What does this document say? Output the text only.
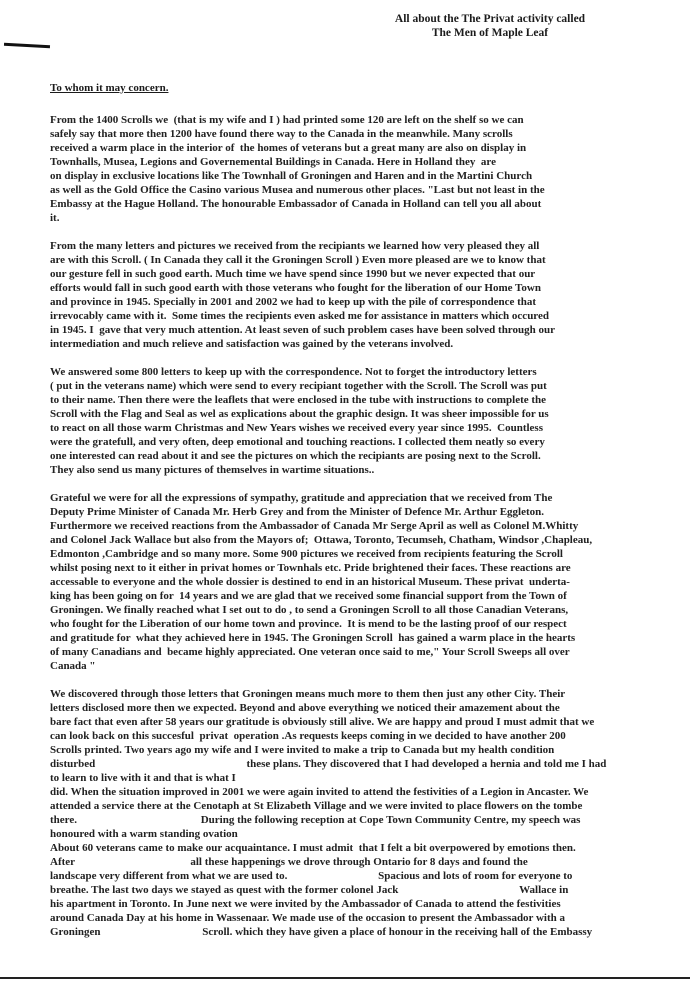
All about the The Privat activity called
The Men of Maple Leaf
To whom it may concern.
From the 1400 Scrolls we  (that is my wife and I ) had printed some 120 are left on the shelf so we can
safely say that more then 1200 have found there way to the Canada in the meanwhile. Many scrolls
received a warm place in the interior of  the homes of veterans but a great many are also on display in
Townhalls, Musea, Legions and Governemental Buildings in Canada. Here in Holland they  are
on display in exclusive locations like The Townhall of Groningen and Haren and in the Martini Church
as well as the Gold Office the Casino various Musea and numerous other places. "Last but not least in the
Embassy at the Hague Holland. The honourable Embassador of Canada in Holland can tell you all about
it.
From the many letters and pictures we received from the recipiants we learned how very pleased they all
are with this Scroll. ( In Canada they call it the Groningen Scroll ) Even more pleased are we to know that
our gesture fell in such good earth. Much time we have spend since 1990 but we never expected that our
efforts would fall in such good earth with those veterans who fought for the liberation of our Home Town
and province in 1945. Specially in 2001 and 2002 we had to keep up with the pile of correspondence that
irrevocably came with it.  Some times the recipients even asked me for assistance in matters which occured
in 1945. I  gave that very much attention. At least seven of such problem cases have been solved through our
intermediation and much relieve and satisfaction was gained by the veterans involved.
We answered some 800 letters to keep up with the correspondence. Not to forget the introductory letters
( put in the veterans name) which were send to every recipiant together with the Scroll. The Scroll was put
to their name. Then there were the leaflets that were enclosed in the tube with instructions to complete the
Scroll with the Flag and Seal as wel as explications about the graphic design. It was sheer impossible for us
to react on all those warm Christmas and New Years wishes we received every year since 1995.  Countless
were the gratefull, and very often, deep emotional and touching reactions. I collected them neatly so every
one interested can read about it and see the pictures on which the recipiants are posing next to the Scroll.
They also send us many pictures of themselves in wartime situations..
Grateful we were for all the expressions of sympathy, gratitude and appreciation that we received from The
Deputy Prime Minister of Canada Mr. Herb Grey and from the Minister of Defence Mr. Arthur Eggleton.
Furthermore we received reactions from the Ambassador of Canada Mr Serge April as well as Colonel M.Whitty
and Colonel Jack Wallace but also from the Mayors of;  Ottawa, Toronto, Tecumseh, Chatham, Windsor ,Chapleau,
Edmonton ,Cambridge and so many more. Some 900 pictures we received from recipients featuring the Scroll
whilst posing next to it either in privat homes or Townhals etc. Pride brightened their faces. These reactions are
accessable to everyone and the whole dossier is destined to end in an historical Museum. These privat  underta-
king has been going on for  14 years and we are glad that we received some financial support from the Town of
Groningen. We finally reached what I set out to do , to send a Groningen Scroll to all those Canadian Veterans,
who fought for the Liberation of our home town and province.  It is mend to be the lasting proof of our respect
and gratitude for  what they achieved here in 1945. The Groningen Scroll  has gained a warm place in the hearts
of many Canadians and  became highly appreciated. One veteran once said to me," Your Scroll Sweeps all over
Canada "
We discovered through those letters that Groningen means much more to them then just any other City. Their
letters disclosed more then we expected. Beyond and above everything we noticed their amazement about the
bare fact that even after 58 years our gratitude is obviously still alive. We are happy and proud I must admit that we
can look back on this succesful  privat  operation .As requests keeps coming in we decided to have another 200
Scrolls printed. Two years ago my wife and I were invited to make a trip to Canada but my health condition
disturbed                                                       these plans. They discovered that I had developed a hernia and told me I had
to learn to live with it and that is what I
did. When the situation improved in 2001 we were again invited to attend the festivities of a Legion in Ancaster. We
attended a service there at the Cenotaph at St Elizabeth Village and we were invited to place flowers on the tombe
there.                                             During the following reception at Cope Town Community Centre, my speech was
honoured with a warm standing ovation
About 60 veterans came to make our acquaintance. I must admit  that I felt a bit overpowered by emotions then.
After                                          all these happenings we drove through Ontario for 8 days and found the
landscape very different from what we are used to.                                 Spacious and lots of room for everyone to
breathe. The last two days we stayed as quest with the former colonel Jack                                            Wallace in
his apartment in Toronto. In June next we were invited by the Ambassador of Canada to attend the festivities
around Canada Day at his home in Wassenaar. We made use of the occasion to present the Ambassador with a
Groningen                                     Scroll. which they have given a place of honour in the receiving hall of the Embassy
